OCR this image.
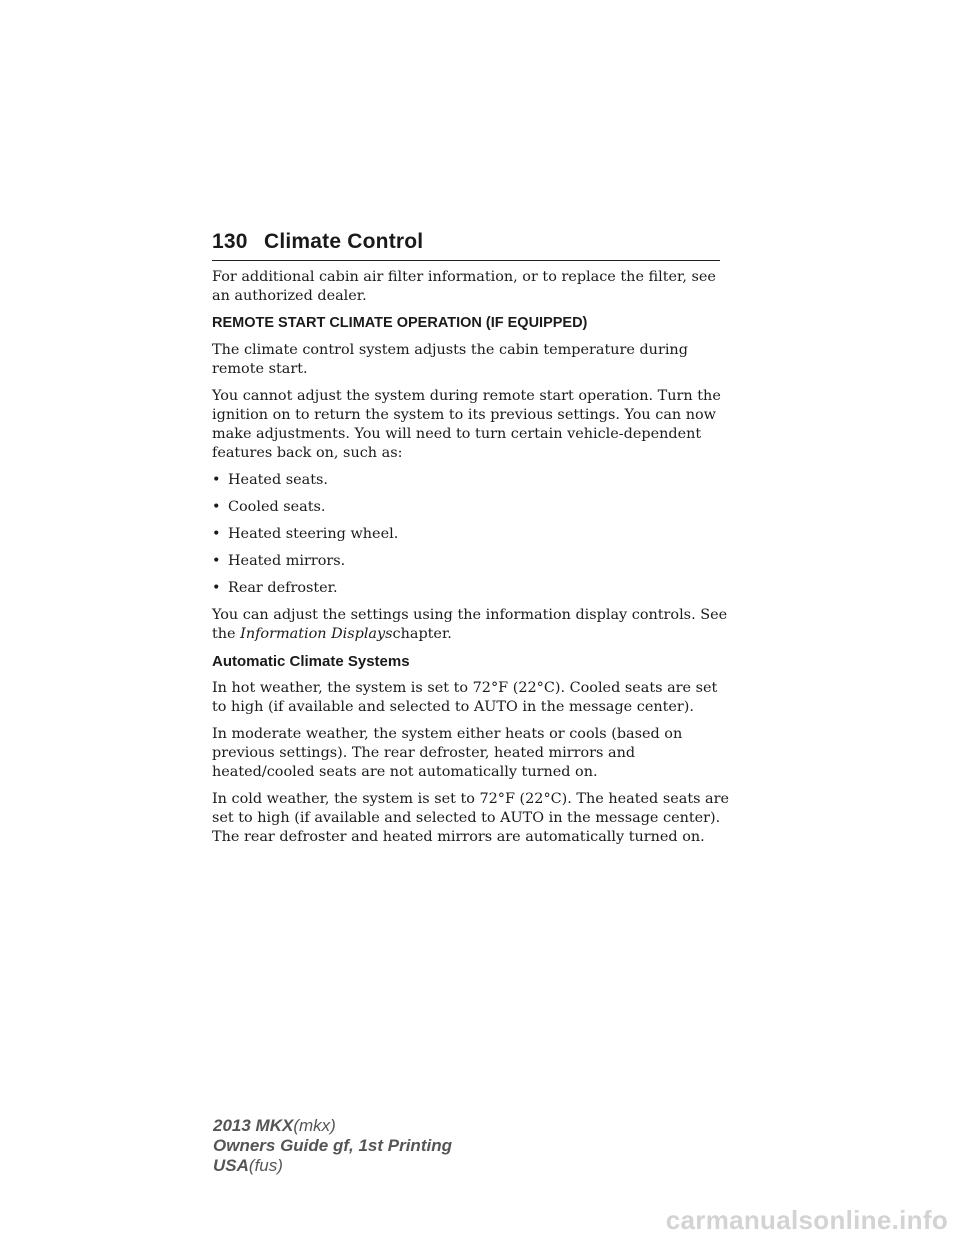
130 Climate Control

For additional cabin air filter information, or to replace the filter, see an authorized dealer.

REMOTE START CLIMATE OPERATION (IF EQUIPPED)

The climate control system adjusts the cabin temperature during remote start.

You cannot adjust the system during remote start operation. Turn the ignition on to return the system to its previous settings. You can now make adjustments. You will need to turn certain vehicle-dependent features back on, such as:

• Heated seats.
• Cooled seats.
• Heated steering wheel.
• Heated mirrors.
• Rear defroster.

You can adjust the settings using the information display controls. See the Information Displayschapter.

Automatic Climate Systems

In hot weather, the system is set to 72°F (22°C). Cooled seats are set to high (if available and selected to AUTO in the message center).

In moderate weather, the system either heats or cools (based on previous settings). The rear defroster, heated mirrors and heated/cooled seats are not automatically turned on.

In cold weather, the system is set to 72°F (22°C). The heated seats are set to high (if available and selected to AUTO in the message center). The rear defroster and heated mirrors are automatically turned on.

2013 MKX(mkx)
Owners Guide gf, 1st Printing
USA(fus)
carmanualsonline.info
